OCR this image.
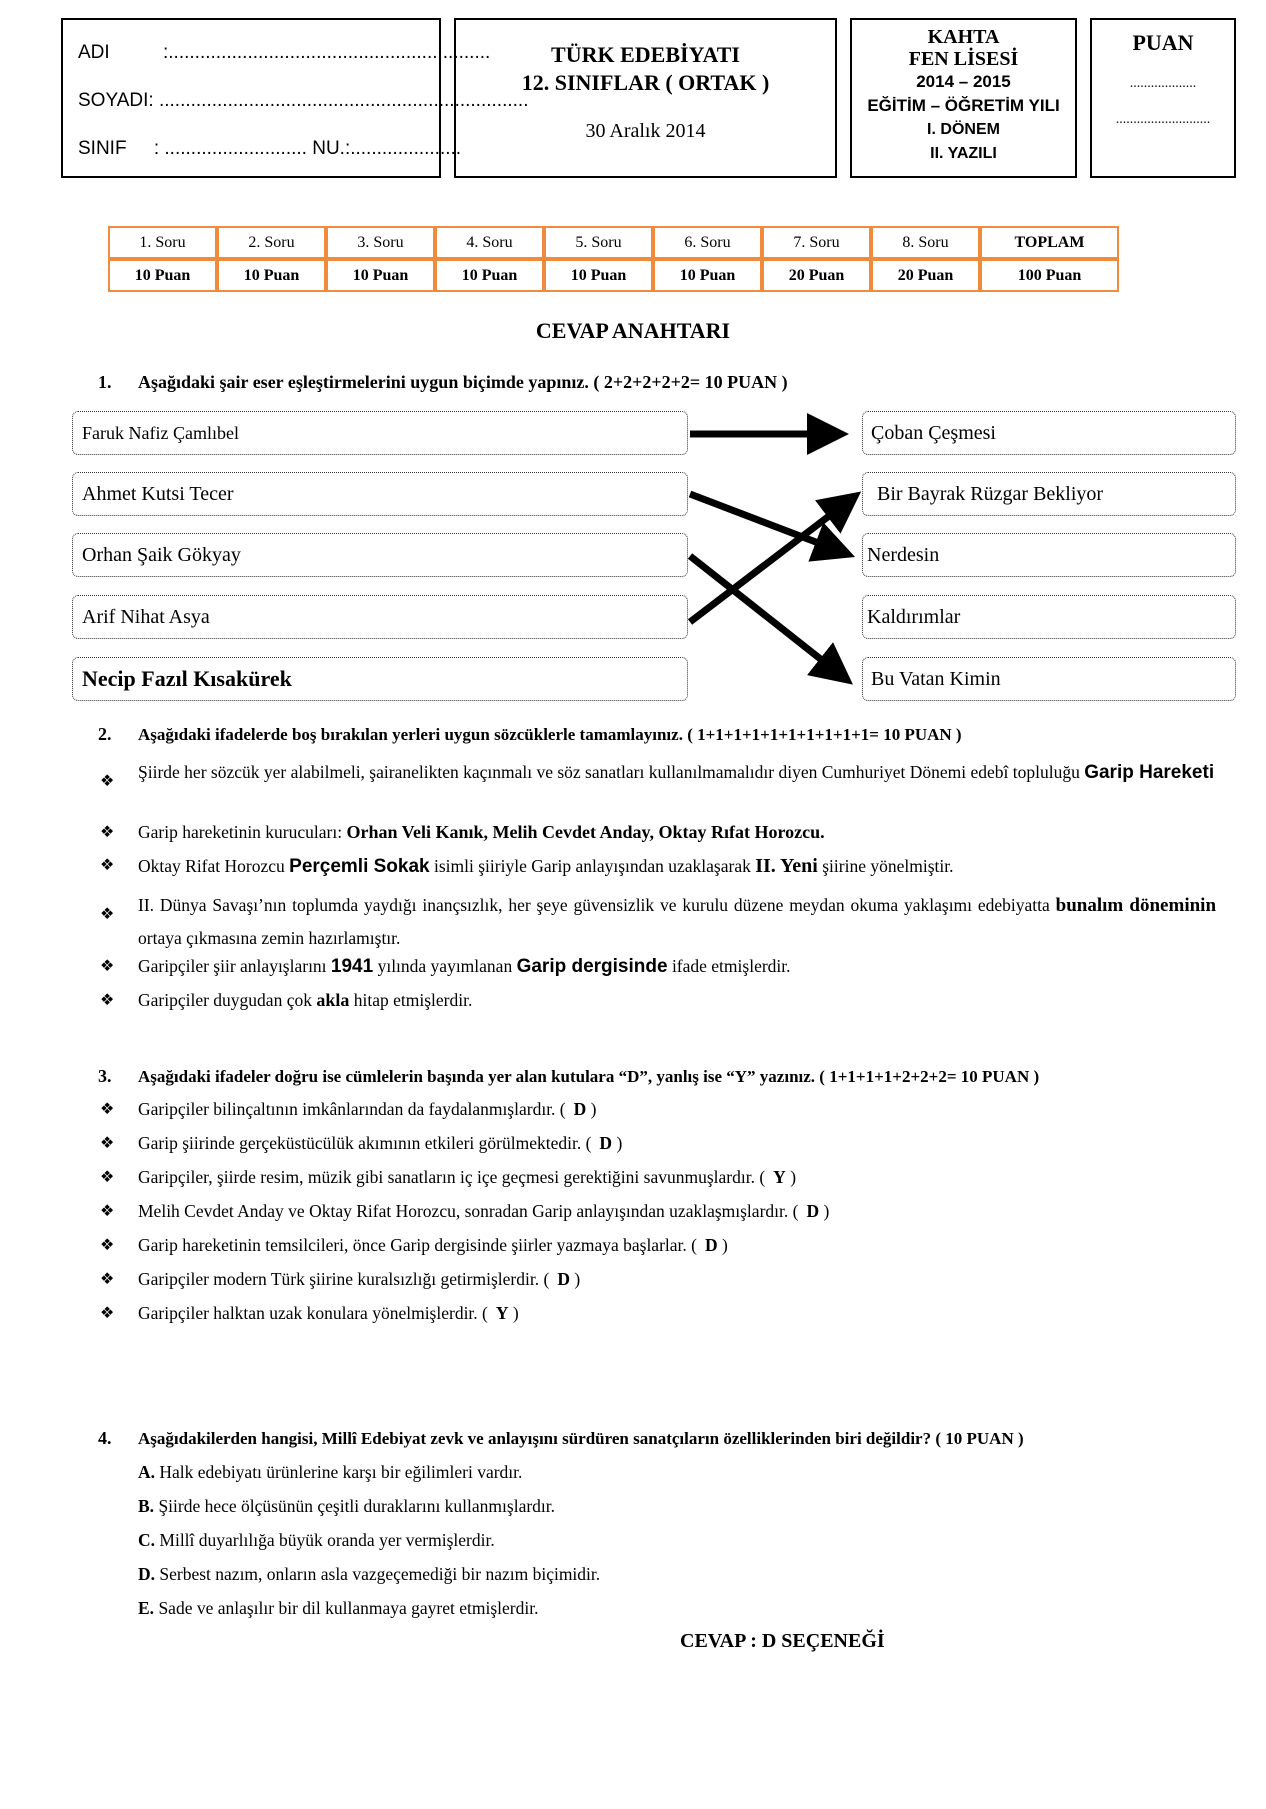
ADI	:.............................................................
SOYADI: ......................................................................
SINIF : ........................... NU.:.....................
TÜRK EDEBİYATI
12. SINIFLAR ( ORTAK )
30 Aralık 2014
KAHTA
FEN LİSESİ
2014 – 2015
EĞİTİM – ÖĞRETİM YILI
I. DÖNEM
II. YAZILI
PUAN
...................
...........................
1. Soru	2. Soru	3. Soru	4. Soru	5. Soru	6. Soru	7. Soru	8. Soru	TOPLAM
10 Puan	10 Puan	10 Puan	10 Puan	10 Puan	10 Puan	20 Puan	20 Puan	100 Puan
CEVAP ANAHTARI
1. Aşağıdaki şair eser eşleştirmelerini uygun biçimde yapınız. ( 2+2+2+2+2= 10 PUAN )
Faruk Nafiz Çamlıbel
Ahmet Kutsi Tecer
Orhan Şaik Gökyay
Arif Nihat Asya
Necip Fazıl Kısakürek
Çoban Çeşmesi
Bir Bayrak Rüzgar Bekliyor
Nerdesin
Kaldırımlar
Bu Vatan Kimin
2. Aşağıdaki ifadelerde boş bırakılan yerleri uygun sözcüklerle tamamlayınız. ( 1+1+1+1+1+1+1+1+1+1= 10 PUAN )
❖ Şiirde her sözcük yer alabilmeli, şairanelikten kaçınmalı ve söz sanatları kullanılmamalıdır diyen Cumhuriyet Dönemi edebî topluluğu Garip Hareketi
❖ Garip hareketinin kurucuları: Orhan Veli Kanık, Melih Cevdet Anday, Oktay Rıfat Horozcu.
❖ Oktay Rifat Horozcu Perçemli Sokak isimli şiiriyle Garip anlayışından uzaklaşarak II. Yeni şiirine yönelmiştir.
❖ II. Dünya Savaşı’nın toplumda yaydığı inançsızlık, her şeye güvensizlik ve kurulu düzene meydan okuma yaklaşımı edebiyatta bunalım döneminin ortaya çıkmasına zemin hazırlamıştır.
❖ Garipçiler şiir anlayışlarını 1941 yılında yayımlanan Garip dergisinde ifade etmişlerdir.
❖ Garipçiler duygudan çok akla hitap etmişlerdir.
3. Aşağıdaki ifadeler doğru ise cümlelerin başında yer alan kutulara “D”, yanlış ise “Y” yazınız. ( 1+1+1+1+2+2+2= 10 PUAN )
❖ Garipçiler bilinçaltının imkânlarından da faydalanmışlardır. ( D )
❖ Garip şiirinde gerçeküstücülük akımının etkileri görülmektedir. ( D )
❖ Garipçiler, şiirde resim, müzik gibi sanatların iç içe geçmesi gerektiğini savunmuşlardır. ( Y )
❖ Melih Cevdet Anday ve Oktay Rifat Horozcu, sonradan Garip anlayışından uzaklaşmışlardır. ( D )
❖ Garip hareketinin temsilcileri, önce Garip dergisinde şiirler yazmaya başlarlar. ( D )
❖ Garipçiler modern Türk şiirine kuralsızlığı getirmişlerdir. ( D )
❖ Garipçiler halktan uzak konulara yönelmişlerdir. ( Y )
4. Aşağıdakilerden hangisi, Millî Edebiyat zevk ve anlayışını sürdüren sanatçıların özelliklerinden biri değildir? ( 10 PUAN )
A. Halk edebiyatı ürünlerine karşı bir eğilimleri vardır.
B. Şiirde hece ölçüsünün çeşitli duraklarını kullanmışlardır.
C. Millî duyarlılığa büyük oranda yer vermişlerdir.
D. Serbest nazım, onların asla vazgeçemediği bir nazım biçimidir.
E. Sade ve anlaşılır bir dil kullanmaya gayret etmişlerdir.
CEVAP : D SEÇENEĞİ
